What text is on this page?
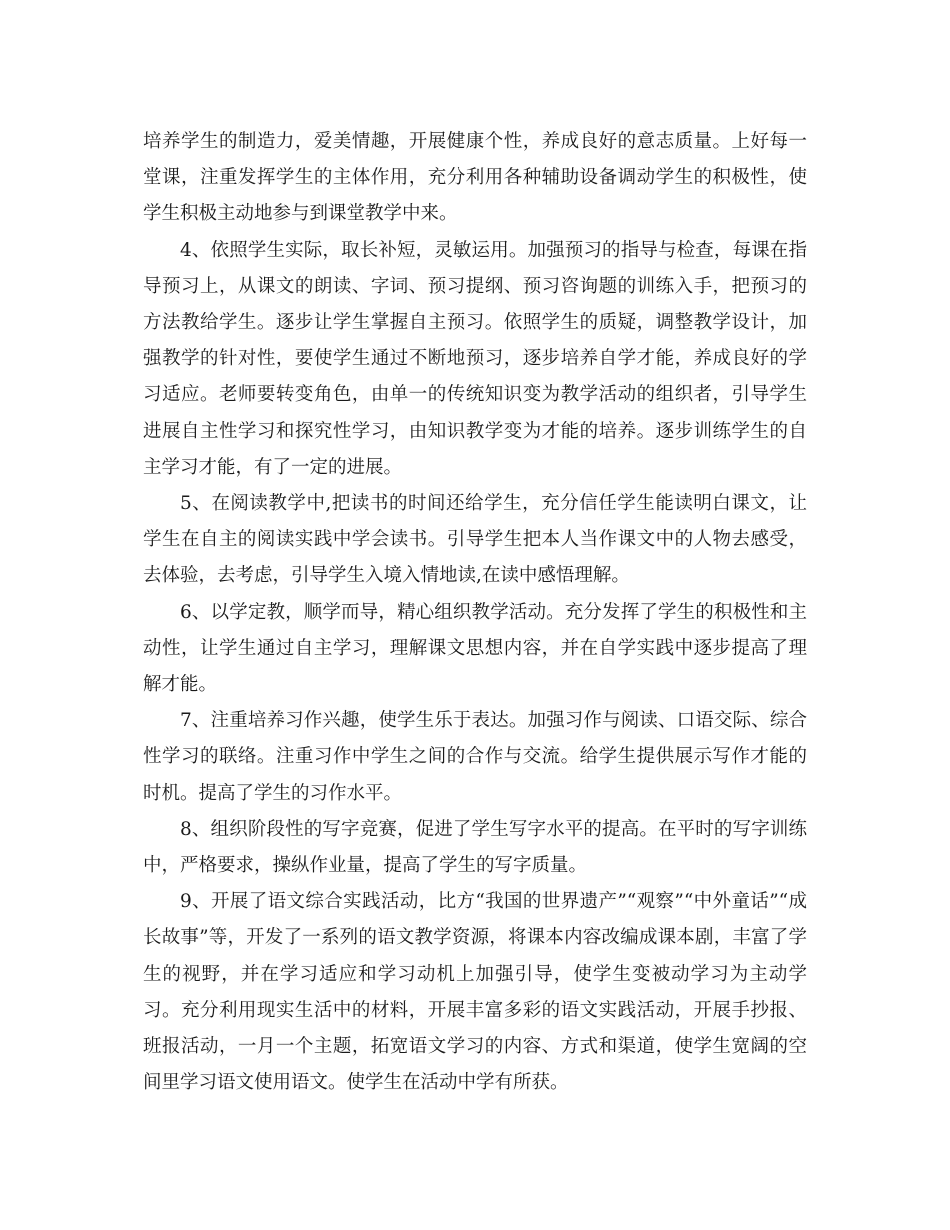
培养学生的制造力，爱美情趣，开展健康个性，养成良好的意志质量。上好每一堂课，注重发挥学生的主体作用，充分利用各种辅助设备调动学生的积极性，使学生积极主动地参与到课堂教学中来。

4、依照学生实际，取长补短，灵敏运用。加强预习的指导与检查，每课在指导预习上，从课文的朗读、字词、预习提纲、预习咨询题的训练入手，把预习的方法教给学生。逐步让学生掌握自主预习。依照学生的质疑，调整教学设计，加强教学的针对性，要使学生通过不断地预习，逐步培养自学才能，养成良好的学习适应。老师要转变角色，由单一的传统知识变为教学活动的组织者，引导学生进展自主性学习和探究性学习，由知识教学变为才能的培养。逐步训练学生的自主学习才能，有了一定的进展。

5、在阅读教学中,把读书的时间还给学生，充分信任学生能读明白课文，让学生在自主的阅读实践中学会读书。引导学生把本人当作课文中的人物去感受，去体验，去考虑，引导学生入境入情地读,在读中感悟理解。

6、以学定教，顺学而导，精心组织教学活动。充分发挥了学生的积极性和主动性，让学生通过自主学习，理解课文思想内容，并在自学实践中逐步提高了理解才能。

7、注重培养习作兴趣，使学生乐于表达。加强习作与阅读、口语交际、综合性学习的联络。注重习作中学生之间的合作与交流。给学生提供展示写作才能的时机。提高了学生的习作水平。

8、组织阶段性的写字竞赛，促进了学生写字水平的提高。在平时的写字训练中，严格要求，操纵作业量，提高了学生的写字质量。

9、开展了语文综合实践活动，比方“我国的世界遗产”“观察”“中外童话”“成长故事”等，开发了一系列的语文教学资源，将课本内容改编成课本剧，丰富了学生的视野，并在学习适应和学习动机上加强引导，使学生变被动学习为主动学习。充分利用现实生活中的材料，开展丰富多彩的语文实践活动，开展手抄报、班报活动，一月一个主题，拓宽语文学习的内容、方式和渠道，使学生宽阔的空间里学习语文使用语文。使学生在活动中学有所获。
